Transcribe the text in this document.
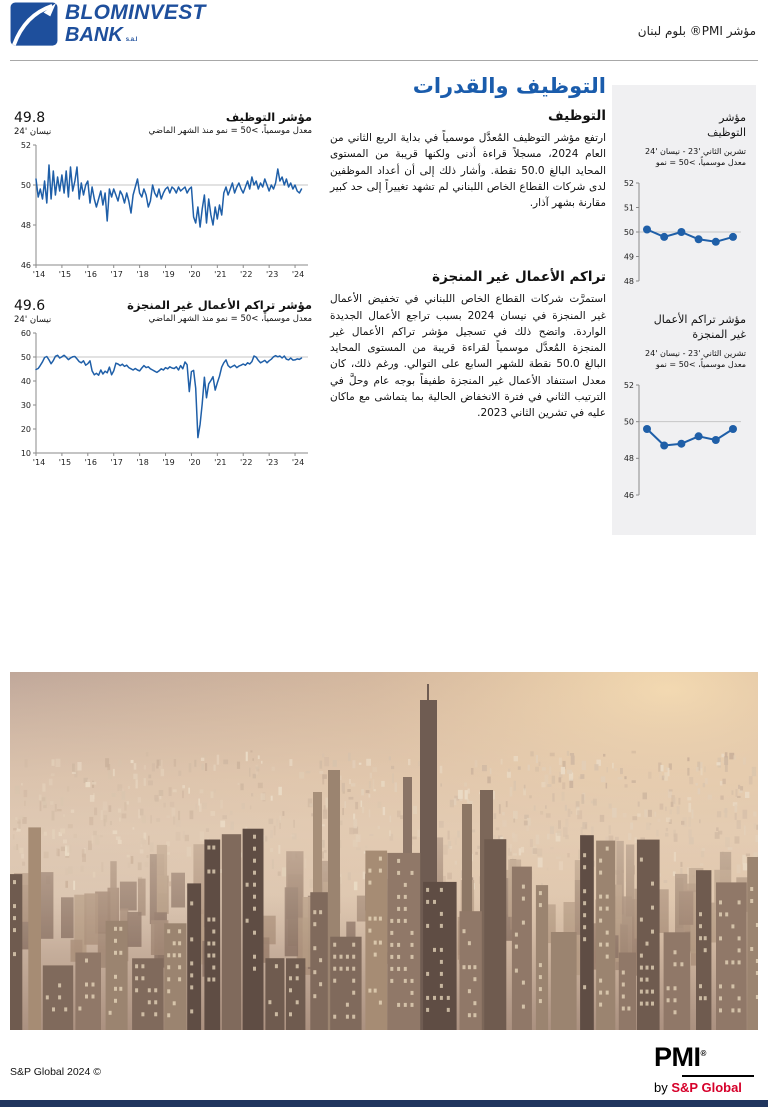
BLOMINVEST
BANK s.a.l
مؤشر PMI® بلوم لبنان
التوظيف والقدرات
49.8
نيسان '24
مؤشر التوظيف
معدل موسمياً، >50 = نمو منذ الشهر الماضي
46
48
50
52
'14 '15 '16 '17 '18 '19 '20 '21 '22 '23 '24
49.6
نيسان '24
مؤشر تراكم الأعمال غير المنجزة
معدل موسمياً، >50 = نمو منذ الشهر الماضي
10
20
30
40
50
60
'14 '15 '16 '17 '18 '19 '20 '21 '22 '23 '24
التوظيف

ارتفع مؤشر التوظيف المُعدَّل موسمياً في بداية الربع الثاني من العام 2024، مسجلاً قراءة أدنى ولكنها قريبة من المستوى المحايد البالغ 50.0 نقطة. وأشار ذلك إلى أن أعداد الموظفين لدى شركات القطاع الخاص اللبناني لم تشهد تغييراً إلى حد كبير مقارنة بشهر آذار.

تراكم الأعمال غير المنجزة

استمرَّت شركات القطاع الخاص اللبناني في تخفيض الأعمال غير المنجزة في نيسان 2024 بسبب تراجع الأعمال الجديدة الواردة. واتضح ذلك في تسجيل مؤشر تراكم الأعمال غير المنجزة المُعدَّل موسمياً لقراءة قريبة من المستوى المحايد البالغ 50.0 نقطة للشهر السابع على التوالي. ورغم ذلك، كان معدل استنفاد الأعمال غير المنجزة طفيفاً بوجه عام وحلَّ في الترتيب الثاني في فترة الانخفاض الحالية بما يتماشى مع ماكان عليه في تشرين الثاني 2023.

مؤشر
التوظيف
تشرين الثاني '23 - نيسان '24
معدل موسمياً، >50 = نمو
48
49
50
51
52
مؤشر تراكم الأعمال
غير المنجزة
تشرين الثاني '23 - نيسان '24
معدل موسمياً، >50 = نمو
46
48
50
52
S&P Global 2024 ©	PMI®
by S&P Global
